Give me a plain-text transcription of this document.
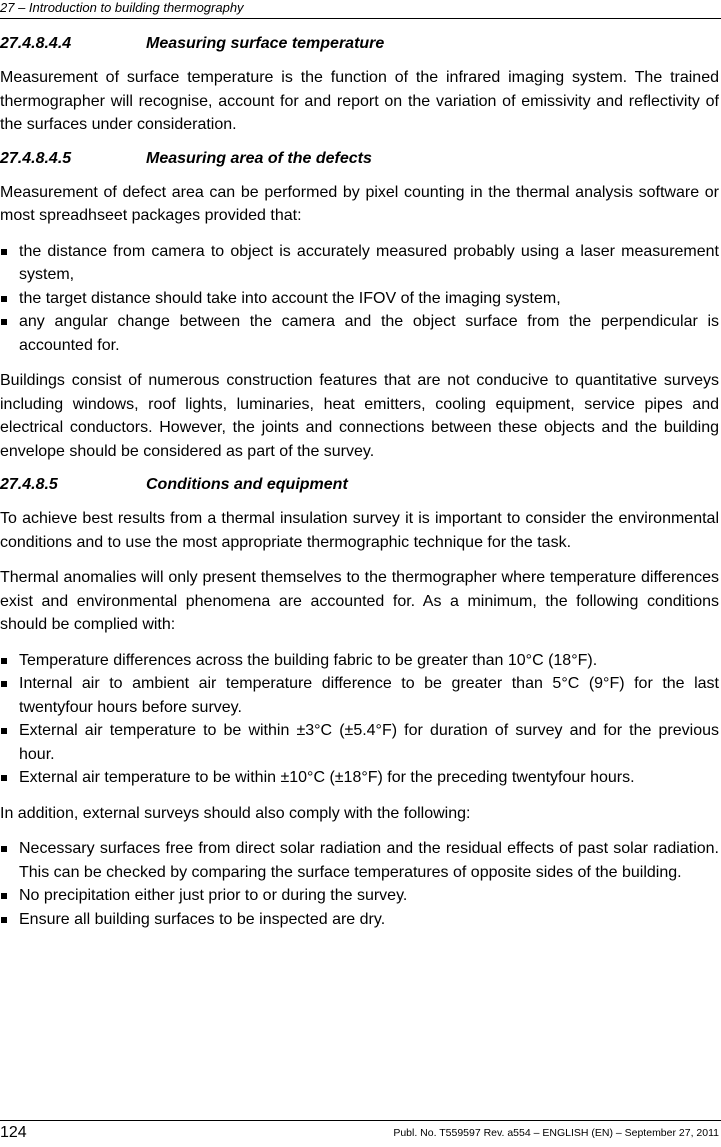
27 – Introduction to building thermography
27.4.8.4.4	Measuring surface temperature

Measurement of surface temperature is the function of the infrared imaging system. The trained thermographer will recognise, account for and report on the variation of emissivity and reflectivity of the surfaces under consideration.

27.4.8.4.5	Measuring area of the defects

Measurement of defect area can be performed by pixel counting in the thermal analysis software or most spreadhseet packages provided that:

the distance from camera to object is accurately measured probably using a laser measurement system,
the target distance should take into account the IFOV of the imaging system,
any angular change between the camera and the object surface from the perpendicular is accounted for.

Buildings consist of numerous construction features that are not conducive to quantitative surveys including windows, roof lights, luminaries, heat emitters, cooling equipment, service pipes and electrical conductors. However, the joints and connections between these objects and the building envelope should be considered as part of the survey.

27.4.8.5	Conditions and equipment

To achieve best results from a thermal insulation survey it is important to consider the environmental conditions and to use the most appropriate thermographic technique for the task.

Thermal anomalies will only present themselves to the thermographer where temperature differences exist and environmental phenomena are accounted for. As a minimum, the following conditions should be complied with:

Temperature differences across the building fabric to be greater than 10°C (18°F).
Internal air to ambient air temperature difference to be greater than 5°C (9°F) for the last twentyfour hours before survey.
External air temperature to be within ±3°C (±5.4°F) for duration of survey and for the previous hour.
External air temperature to be within ±10°C (±18°F) for the preceding twentyfour hours.

In addition, external surveys should also comply with the following:

Necessary surfaces free from direct solar radiation and the residual effects of past solar radiation. This can be checked by comparing the surface temperatures of opposite sides of the building.
No precipitation either just prior to or during the survey.
Ensure all building surfaces to be inspected are dry.
124	Publ. No. T559597 Rev. a554 – ENGLISH (EN) – September 27, 2011
